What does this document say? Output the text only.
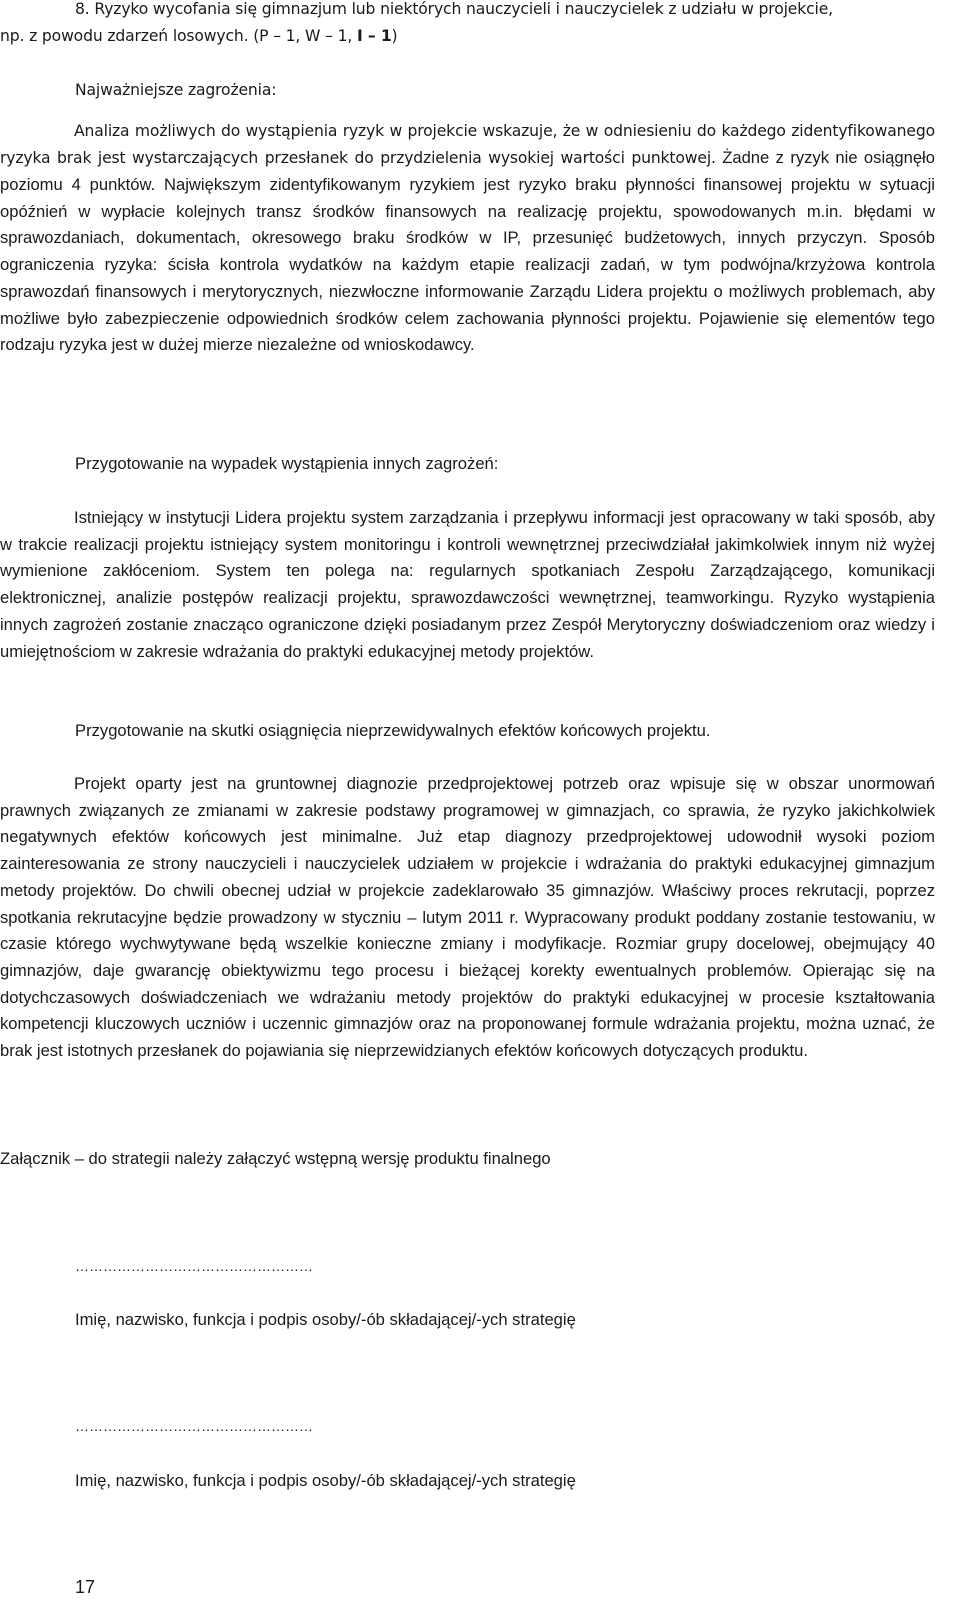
8. Ryzyko wycofania się gimnazjum lub niektórych nauczycieli i nauczycielek z udziału w projekcie,
np. z powodu zdarzeń losowych. (P – 1, W – 1, I – 1)
Najważniejsze zagrożenia:

Analiza możliwych do wystąpienia ryzyk w projekcie wskazuje, że w odniesieniu do każdego zidentyfikowanego ryzyka brak jest wystarczających przesłanek do przydzielenia wysokiej wartości punktowej. Żadne z ryzyk nie osiągnęło poziomu 4 punktów. Największym zidentyfikowanym ryzykiem jest ryzyko braku płynności finansowej projektu w sytuacji opóźnień w wypłacie kolejnych transz środków finansowych na realizację projektu, spowodowanych m.in. błędami w sprawozdaniach, dokumentach, okresowego braku środków w IP, przesunięć budżetowych, innych przyczyn. Sposób ograniczenia ryzyka: ścisła kontrola wydatków na każdym etapie realizacji zadań, w tym podwójna/krzyżowa kontrola sprawozdań finansowych i merytorycznych, niezwłoczne informowanie Zarządu Lidera projektu o możliwych problemach, aby możliwe było zabezpieczenie odpowiednich środków celem zachowania płynności projektu. Pojawienie się elementów tego rodzaju ryzyka jest w dużej mierze niezależne od wnioskodawcy.

Przygotowanie na wypadek wystąpienia innych zagrożeń:

Istniejący w instytucji Lidera projektu system zarządzania i przepływu informacji jest opracowany w taki sposób, aby w trakcie realizacji projektu istniejący system monitoringu i kontroli wewnętrznej przeciwdziałał jakimkolwiek innym niż wyżej wymienione zakłóceniom. System ten polega na: regularnych spotkaniach Zespołu Zarządzającego, komunikacji elektronicznej, analizie postępów realizacji projektu, sprawozdawczości wewnętrznej, teamworkingu. Ryzyko wystąpienia innych zagrożeń zostanie znacząco ograniczone dzięki posiadanym przez Zespół Merytoryczny doświadczeniom oraz wiedzy i umiejętnościom w zakresie wdrażania do praktyki edukacyjnej metody projektów.

Przygotowanie na skutki osiągnięcia nieprzewidywalnych efektów końcowych projektu.

Projekt oparty jest na gruntownej diagnozie przedprojektowej potrzeb oraz wpisuje się w obszar unormowań prawnych związanych ze zmianami w zakresie podstawy programowej w gimnazjach, co sprawia, że ryzyko jakichkolwiek negatywnych efektów końcowych jest minimalne. Już etap diagnozy przedprojektowej udowodnił wysoki poziom zainteresowania ze strony nauczycieli i nauczycielek udziałem w projekcie i wdrażania do praktyki edukacyjnej gimnazjum metody projektów. Do chwili obecnej udział w projekcie zadeklarowało 35 gimnazjów. Właściwy proces rekrutacji, poprzez spotkania rekrutacyjne będzie prowadzony w styczniu – lutym 2011 r. Wypracowany produkt poddany zostanie testowaniu, w czasie którego wychwytywane będą wszelkie konieczne zmiany i modyfikacje. Rozmiar grupy docelowej, obejmujący 40 gimnazjów, daje gwarancję obiektywizmu tego procesu i bieżącej korekty ewentualnych problemów. Opierając się na dotychczasowych doświadczeniach we wdrażaniu metody projektów do praktyki edukacyjnej w procesie kształtowania kompetencji kluczowych uczniów i uczennic gimnazjów oraz na proponowanej formule wdrażania projektu, można uznać, że brak jest istotnych przesłanek do pojawiania się nieprzewidzianych efektów końcowych dotyczących produktu.

Załącznik – do strategii należy załączyć wstępną wersję produktu finalnego
……………………………………………
Imię, nazwisko, funkcja i podpis osoby/-ób składającej/-ych strategię
……………………………………………
Imię, nazwisko, funkcja i podpis osoby/-ób składającej/-ych strategię
17
